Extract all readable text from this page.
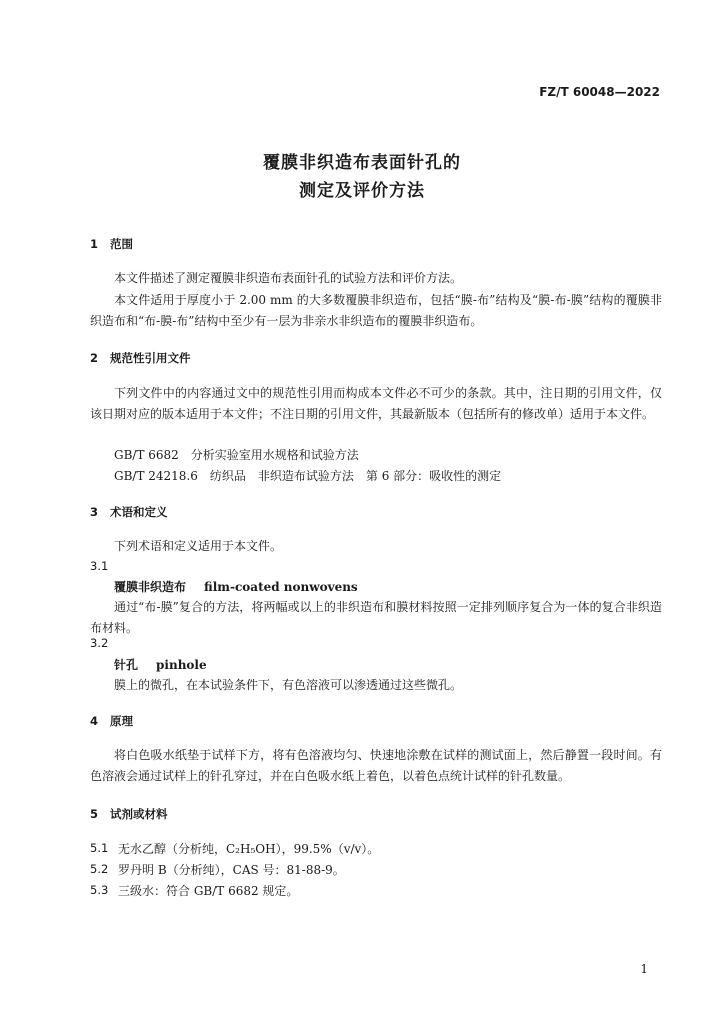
FZ/T 60048—2022
覆膜非织造布表面针孔的
测定及评价方法
1 范围
本文件描述了测定覆膜非织造布表面针孔的试验方法和评价方法。
本文件适用于厚度小于 2.00 mm 的大多数覆膜非织造布，包括“膜-布”结构及“膜-布-膜”结构的覆膜非织造布和“布-膜-布”结构中至少有一层为非亲水非织造布的覆膜非织造布。
2 规范性引用文件
下列文件中的内容通过文中的规范性引用而构成本文件必不可少的条款。其中，注日期的引用文件，仅该日期对应的版本适用于本文件；不注日期的引用文件，其最新版本（包括所有的修改单）适用于本文件。
GB/T 6682　分析实验室用水规格和试验方法
GB/T 24218.6　纺织品　非织造布试验方法　第 6 部分：吸收性的测定
3 术语和定义
下列术语和定义适用于本文件。
3.1
覆膜非织造布 film-coated nonwovens
通过“布-膜”复合的方法，将两幅或以上的非织造布和膜材料按照一定排列顺序复合为一体的复合非织造布材料。
3.2
针孔 pinhole
膜上的微孔，在本试验条件下，有色溶液可以渗透通过这些微孔。
4 原理
将白色吸水纸垫于试样下方，将有色溶液均匀、快速地涂敷在试样的测试面上，然后静置一段时间。有色溶液会通过试样上的针孔穿过，并在白色吸水纸上着色，以着色点统计试样的针孔数量。
5 试剂或材料
5.1 无水乙醇（分析纯，C₂H₅OH），99.5%（v/v）。
5.2 罗丹明 B（分析纯），CAS 号：81-88-9。
5.3 三级水：符合 GB/T 6682 规定。
1
